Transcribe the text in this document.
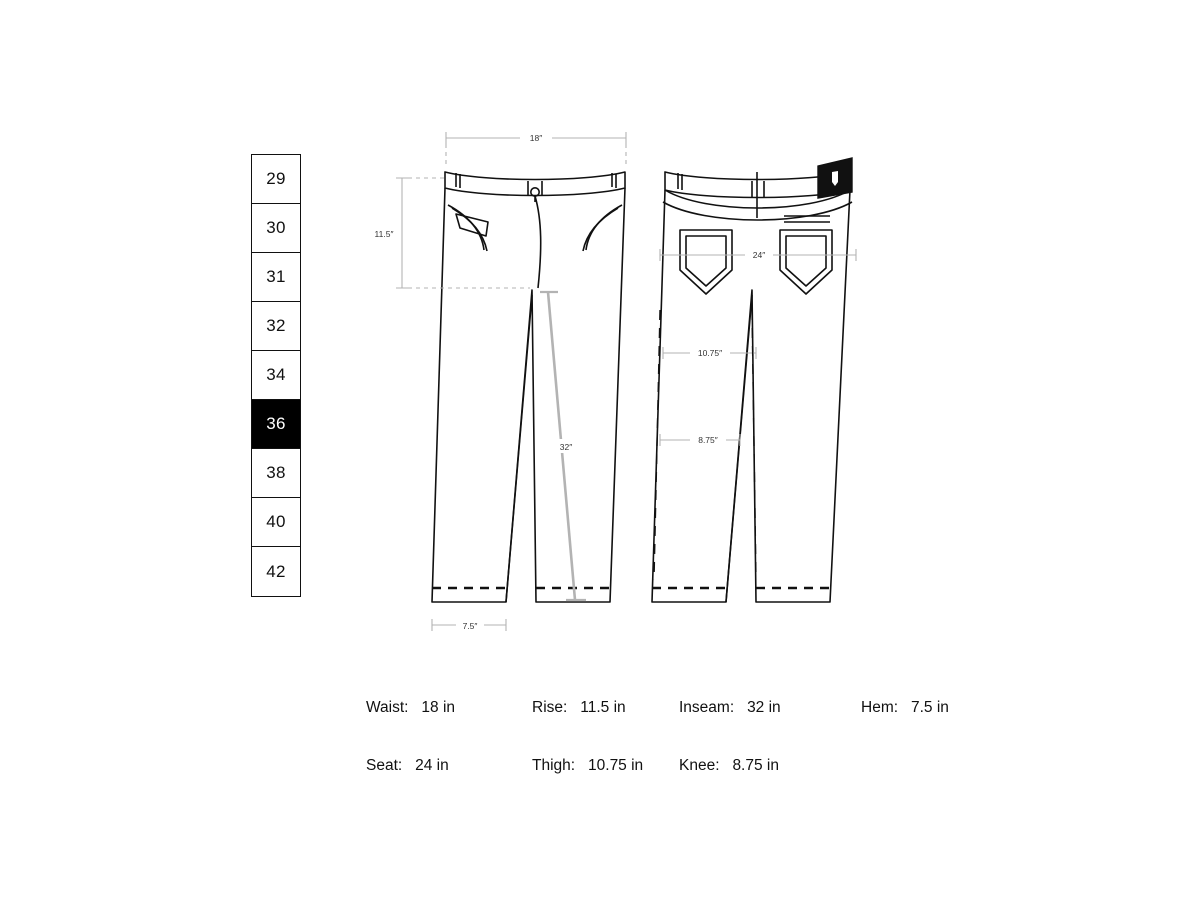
29
30
31
32
34
36
38
40
42
18″
11.5″
32″
7.5″
24″
10.75″
8.75″
Waist:   18 in	Rise:   11.5 in	Inseam:   32 in	Hem:   7.5 in
Seat:   24 in	Thigh:   10.75 in Knee:   8.75 in
